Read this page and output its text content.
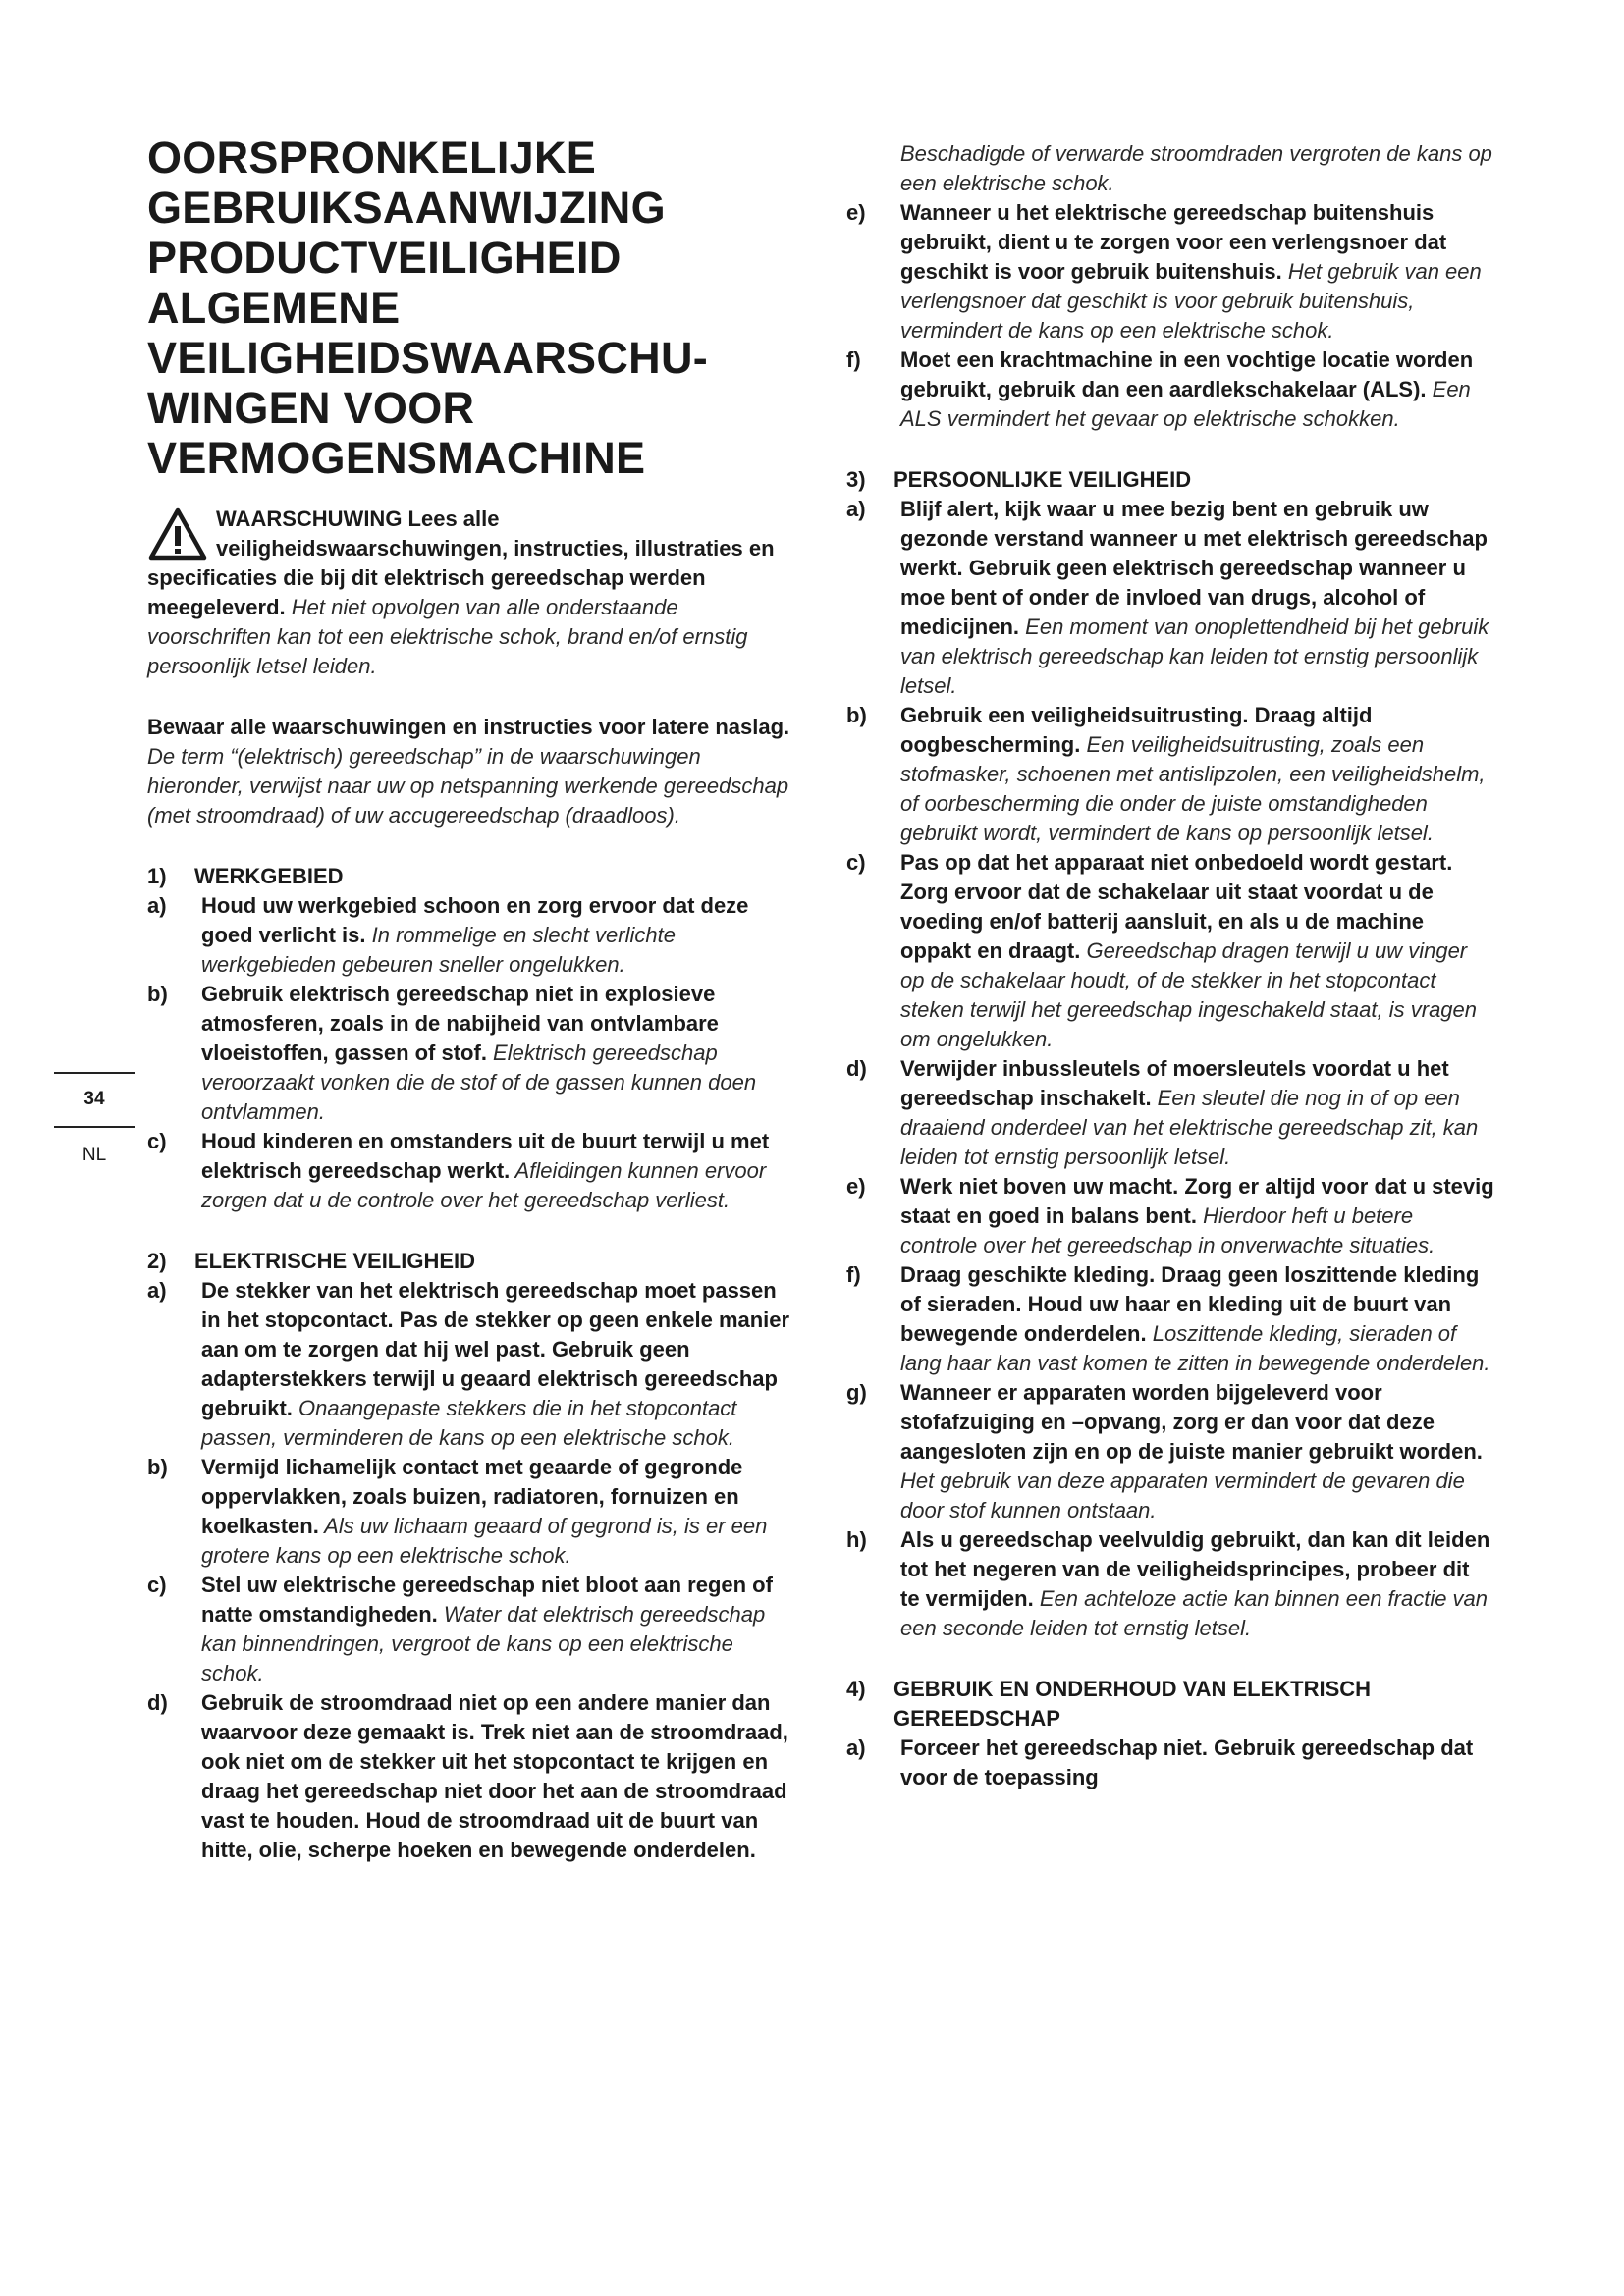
34
NL
OORSPRONKELIJKE
GEBRUIKSAANWIJZING
PRODUCTVEILIGHEID
ALGEMENE
VEILIGHEIDSWAARSCHU-
WINGEN VOOR
VERMOGENSMACHINE

WAARSCHUWING Lees alle veiligheidswaarschuwingen, instructies, illustraties en specificaties die bij dit elektrisch gereedschap werden meegeleverd. Het niet opvolgen van alle onderstaande voorschriften kan tot een elektrische schok, brand en/of ernstig persoonlijk letsel leiden.

Bewaar alle waarschuwingen en instructies voor latere naslag.
De term “(elektrisch) gereedschap” in de waarschuwingen hieronder, verwijst naar uw op netspanning werkende gereedschap (met stroomdraad) of uw accugereedschap (draadloos).

1)	WERKGEBIED
a)	Houd uw werkgebied schoon en zorg ervoor dat deze goed verlicht is. In rommelige en slecht verlichte werkgebieden gebeuren sneller ongelukken.
b)	Gebruik elektrisch gereedschap niet in explosieve atmosferen, zoals in de nabijheid van ontvlambare vloeistoffen, gassen of stof. Elektrisch gereedschap veroorzaakt vonken die de stof of de gassen kunnen doen ontvlammen.
c)	Houd kinderen en omstanders uit de buurt terwijl u met elektrisch gereedschap werkt. Afleidingen kunnen ervoor zorgen dat u de controle over het gereedschap verliest.
2)	ELEKTRISCHE VEILIGHEID
a)	De stekker van het elektrisch gereedschap moet passen in het stopcontact. Pas de stekker op geen enkele manier aan om te zorgen dat hij wel past. Gebruik geen adapterstekkers terwijl u geaard elektrisch gereedschap gebruikt. Onaangepaste stekkers die in het stopcontact passen, verminderen de kans op een elektrische schok.
b)	Vermijd lichamelijk contact met geaarde of gegronde oppervlakken, zoals buizen, radiatoren, fornuizen en koelkasten. Als uw lichaam geaard of gegrond is, is er een grotere kans op een elektrische schok.
c)	Stel uw elektrische gereedschap niet bloot aan regen of natte omstandigheden. Water dat elektrisch gereedschap kan binnendringen, vergroot de kans op een elektrische schok.
d)	Gebruik de stroomdraad niet op een andere manier dan waarvoor deze gemaakt is. Trek niet aan de stroomdraad, ook niet om de stekker uit het stopcontact te krijgen en draag het gereedschap niet door het aan de stroomdraad vast te houden. Houd de stroomdraad uit de buurt van hitte, olie, scherpe hoeken en bewegende onderdelen.
Beschadigde of verwarde stroomdraden vergroten de kans op een elektrische schok.
e)	Wanneer u het elektrische gereedschap buitenshuis gebruikt, dient u te zorgen voor een verlengsnoer dat geschikt is voor gebruik buitenshuis. Het gebruik van een verlengsnoer dat geschikt is voor gebruik buitenshuis, vermindert de kans op een elektrische schok.
f)	Moet een krachtmachine in een vochtige locatie worden gebruikt, gebruik dan een aardlekschakelaar (ALS). Een ALS vermindert het gevaar op elektrische schokken.
3)	PERSOONLIJKE VEILIGHEID
a)	Blijf alert, kijk waar u mee bezig bent en gebruik uw gezonde verstand wanneer u met elektrisch gereedschap werkt. Gebruik geen elektrisch gereedschap wanneer u moe bent of onder de invloed van drugs, alcohol of medicijnen. Een moment van onoplettendheid bij het gebruik van elektrisch gereedschap kan leiden tot ernstig persoonlijk letsel.
b)	Gebruik een veiligheidsuitrusting. Draag altijd oogbescherming. Een veiligheidsuitrusting, zoals een stofmasker, schoenen met antislipzolen, een veiligheidshelm, of oorbescherming die onder de juiste omstandigheden gebruikt wordt, vermindert de kans op persoonlijk letsel.
c)	Pas op dat het apparaat niet onbedoeld wordt gestart. Zorg ervoor dat de schakelaar uit staat voordat u de voeding en/of batterij aansluit, en als u de machine oppakt en draagt. Gereedschap dragen terwijl u uw vinger op de schakelaar houdt, of de stekker in het stopcontact steken terwijl het gereedschap ingeschakeld staat, is vragen om ongelukken.
d)	Verwijder inbussleutels of moersleutels voordat u het gereedschap inschakelt. Een sleutel die nog in of op een draaiend onderdeel van het elektrische gereedschap zit, kan leiden tot ernstig persoonlijk letsel.
e)	Werk niet boven uw macht. Zorg er altijd voor dat u stevig staat en goed in balans bent. Hierdoor heft u betere controle over het gereedschap in onverwachte situaties.
f)	Draag geschikte kleding. Draag geen loszittende kleding of sieraden. Houd uw haar en kleding uit de buurt van bewegende onderdelen. Loszittende kleding, sieraden of lang haar kan vast komen te zitten in bewegende onderdelen.
g)	Wanneer er apparaten worden bijgeleverd voor stofafzuiging en –opvang, zorg er dan voor dat deze aangesloten zijn en op de juiste manier gebruikt worden. Het gebruik van deze apparaten vermindert de gevaren die door stof kunnen ontstaan.
h)	Als u gereedschap veelvuldig gebruikt, dan kan dit leiden tot het negeren van de veiligheidsprincipes, probeer dit te vermijden. Een achteloze actie kan binnen een fractie van een seconde leiden tot ernstig letsel.
4)	GEBRUIK EN ONDERHOUD VAN ELEKTRISCH GEREEDSCHAP
a)	Forceer het gereedschap niet. Gebruik gereedschap dat voor de toepassing
